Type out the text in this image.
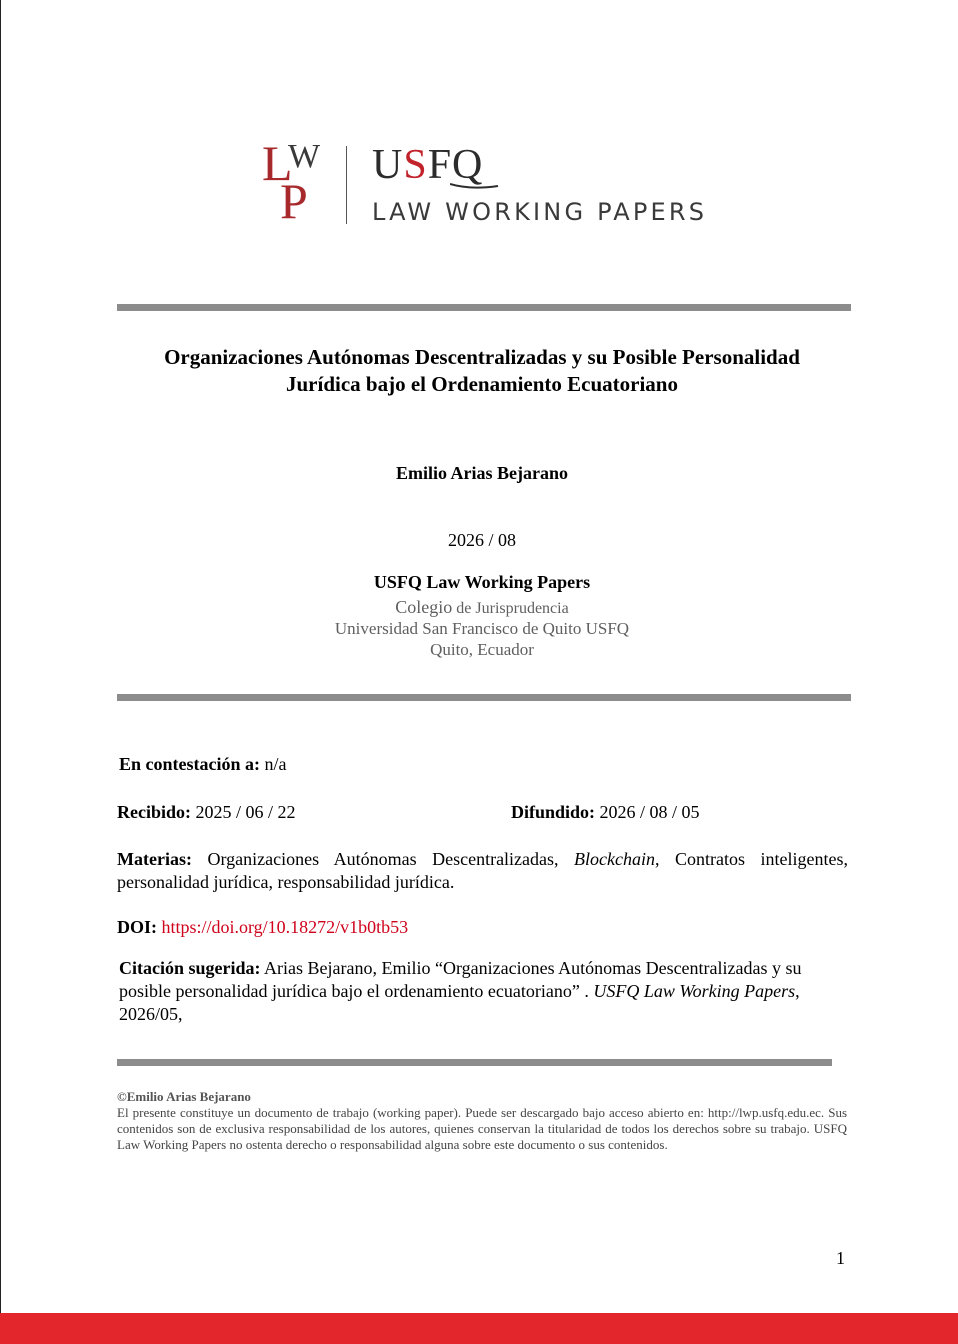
L
W
P
USFQ
LAW WORKING PAPERS
Organizaciones Autónomas Descentralizadas y su Posible Personalidad
Jurídica bajo el Ordenamiento Ecuatoriano
Emilio Arias Bejarano
2026 / 08
USFQ Law Working Papers
Colegio de Jurisprudencia
Universidad San Francisco de Quito USFQ
Quito, Ecuador
En contestación a: n/a
Recibido: 2025 / 06 / 22	Difundido: 2026 / 08 / 05
Materias: Organizaciones Autónomas Descentralizadas, Blockchain, Contratos inteligentes, personalidad jurídica, responsabilidad jurídica.
DOI: https://doi.org/10.18272/v1b0tb53
Citación sugerida: Arias Bejarano, Emilio “Organizaciones Autónomas Descentralizadas y su posible personalidad jurídica bajo el ordenamiento ecuatoriano” . USFQ Law Working Papers, 2026/05,
©Emilio Arias Bejarano
El presente constituye un documento de trabajo (working paper). Puede ser descargado bajo acceso abierto en: http://lwp.usfq.edu.ec. Sus contenidos son de exclusiva responsabilidad de los autores, quienes conservan la titularidad de todos los derechos sobre su trabajo. USFQ Law Working Papers no ostenta derecho o responsabilidad alguna sobre este documento o sus contenidos.
1
